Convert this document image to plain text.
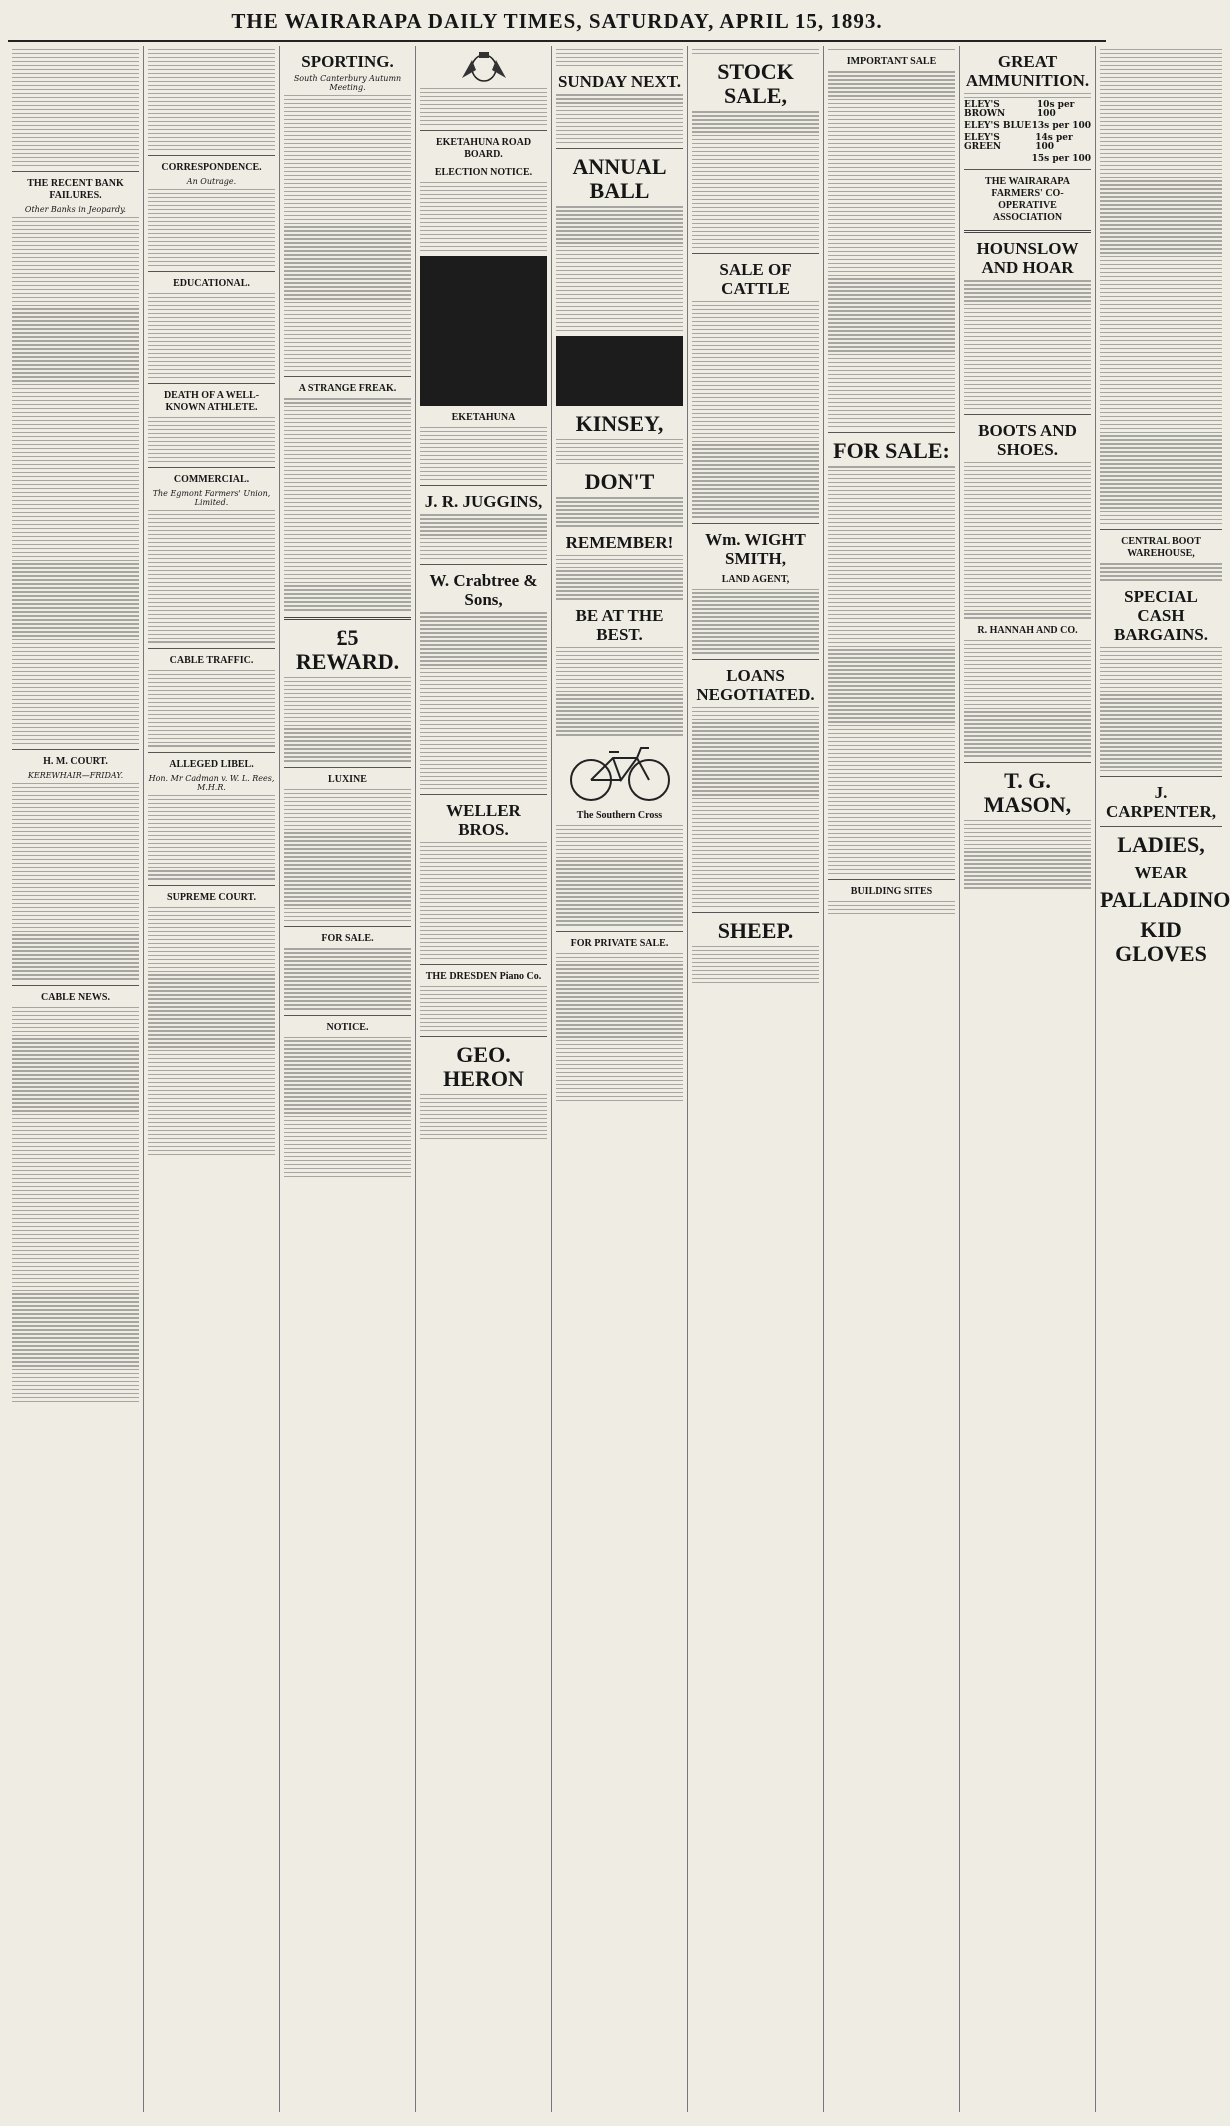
THE WAIRARAPA DAILY TIMES, SATURDAY, APRIL 15, 1893.
THE RECENT BANK FAILURES.
Other Banks in Jeopardy.
H. M. COURT.
KEREWHAIR—FRIDAY.
CABLE NEWS.
CORRESPONDENCE.
An Outrage.
EDUCATIONAL.
DEATH OF A WELL-KNOWN ATHLETE.
COMMERCIAL.
The Egmont Farmers' Union, Limited.
CABLE TRAFFIC.
ALLEGED LIBEL.
Hon. Mr Cadman v. W. L. Rees, M.H.R.
SUPREME COURT.
SPORTING.
South Canterbury Autumn Meeting.
A STRANGE FREAK.
£5 REWARD.
LUXINE
FOR SALE.
NOTICE.
EKETAHUNA ROAD BOARD.
ELECTION NOTICE.
EKETAHUNA
J. R. JUGGINS,
W. Crabtree & Sons,
WELLER BROS.
THE DRESDEN Piano Co.
GEO. HERON
SUNDAY NEXT.
ANNUAL BALL
KINSEY,
DON'T
REMEMBER!
BE AT THE BEST.
The Southern Cross
FOR PRIVATE SALE.
STOCK SALE,
SALE OF CATTLE
Wm. WIGHT SMITH,
LAND AGENT,
LOANS NEGOTIATED.
SHEEP.
IMPORTANT SALE
FOR SALE:
BUILDING SITES
GREAT AMMUNITION.
ELEY'S BROWN
10s per 100
ELEY'S BLUE 13s per 100
ELEY'S GREEN
14s per 100
15s per 100
THE WAIRARAPA FARMERS' CO-OPERATIVE ASSOCIATION
HOUNSLOW AND HOAR
BOOTS AND SHOES.
R. HANNAH AND CO.
T. G. MASON,
CENTRAL BOOT WAREHOUSE,
SPECIAL CASH BARGAINS.
J. CARPENTER,
LADIES,
WEAR
PALLADINO
KID GLOVES
